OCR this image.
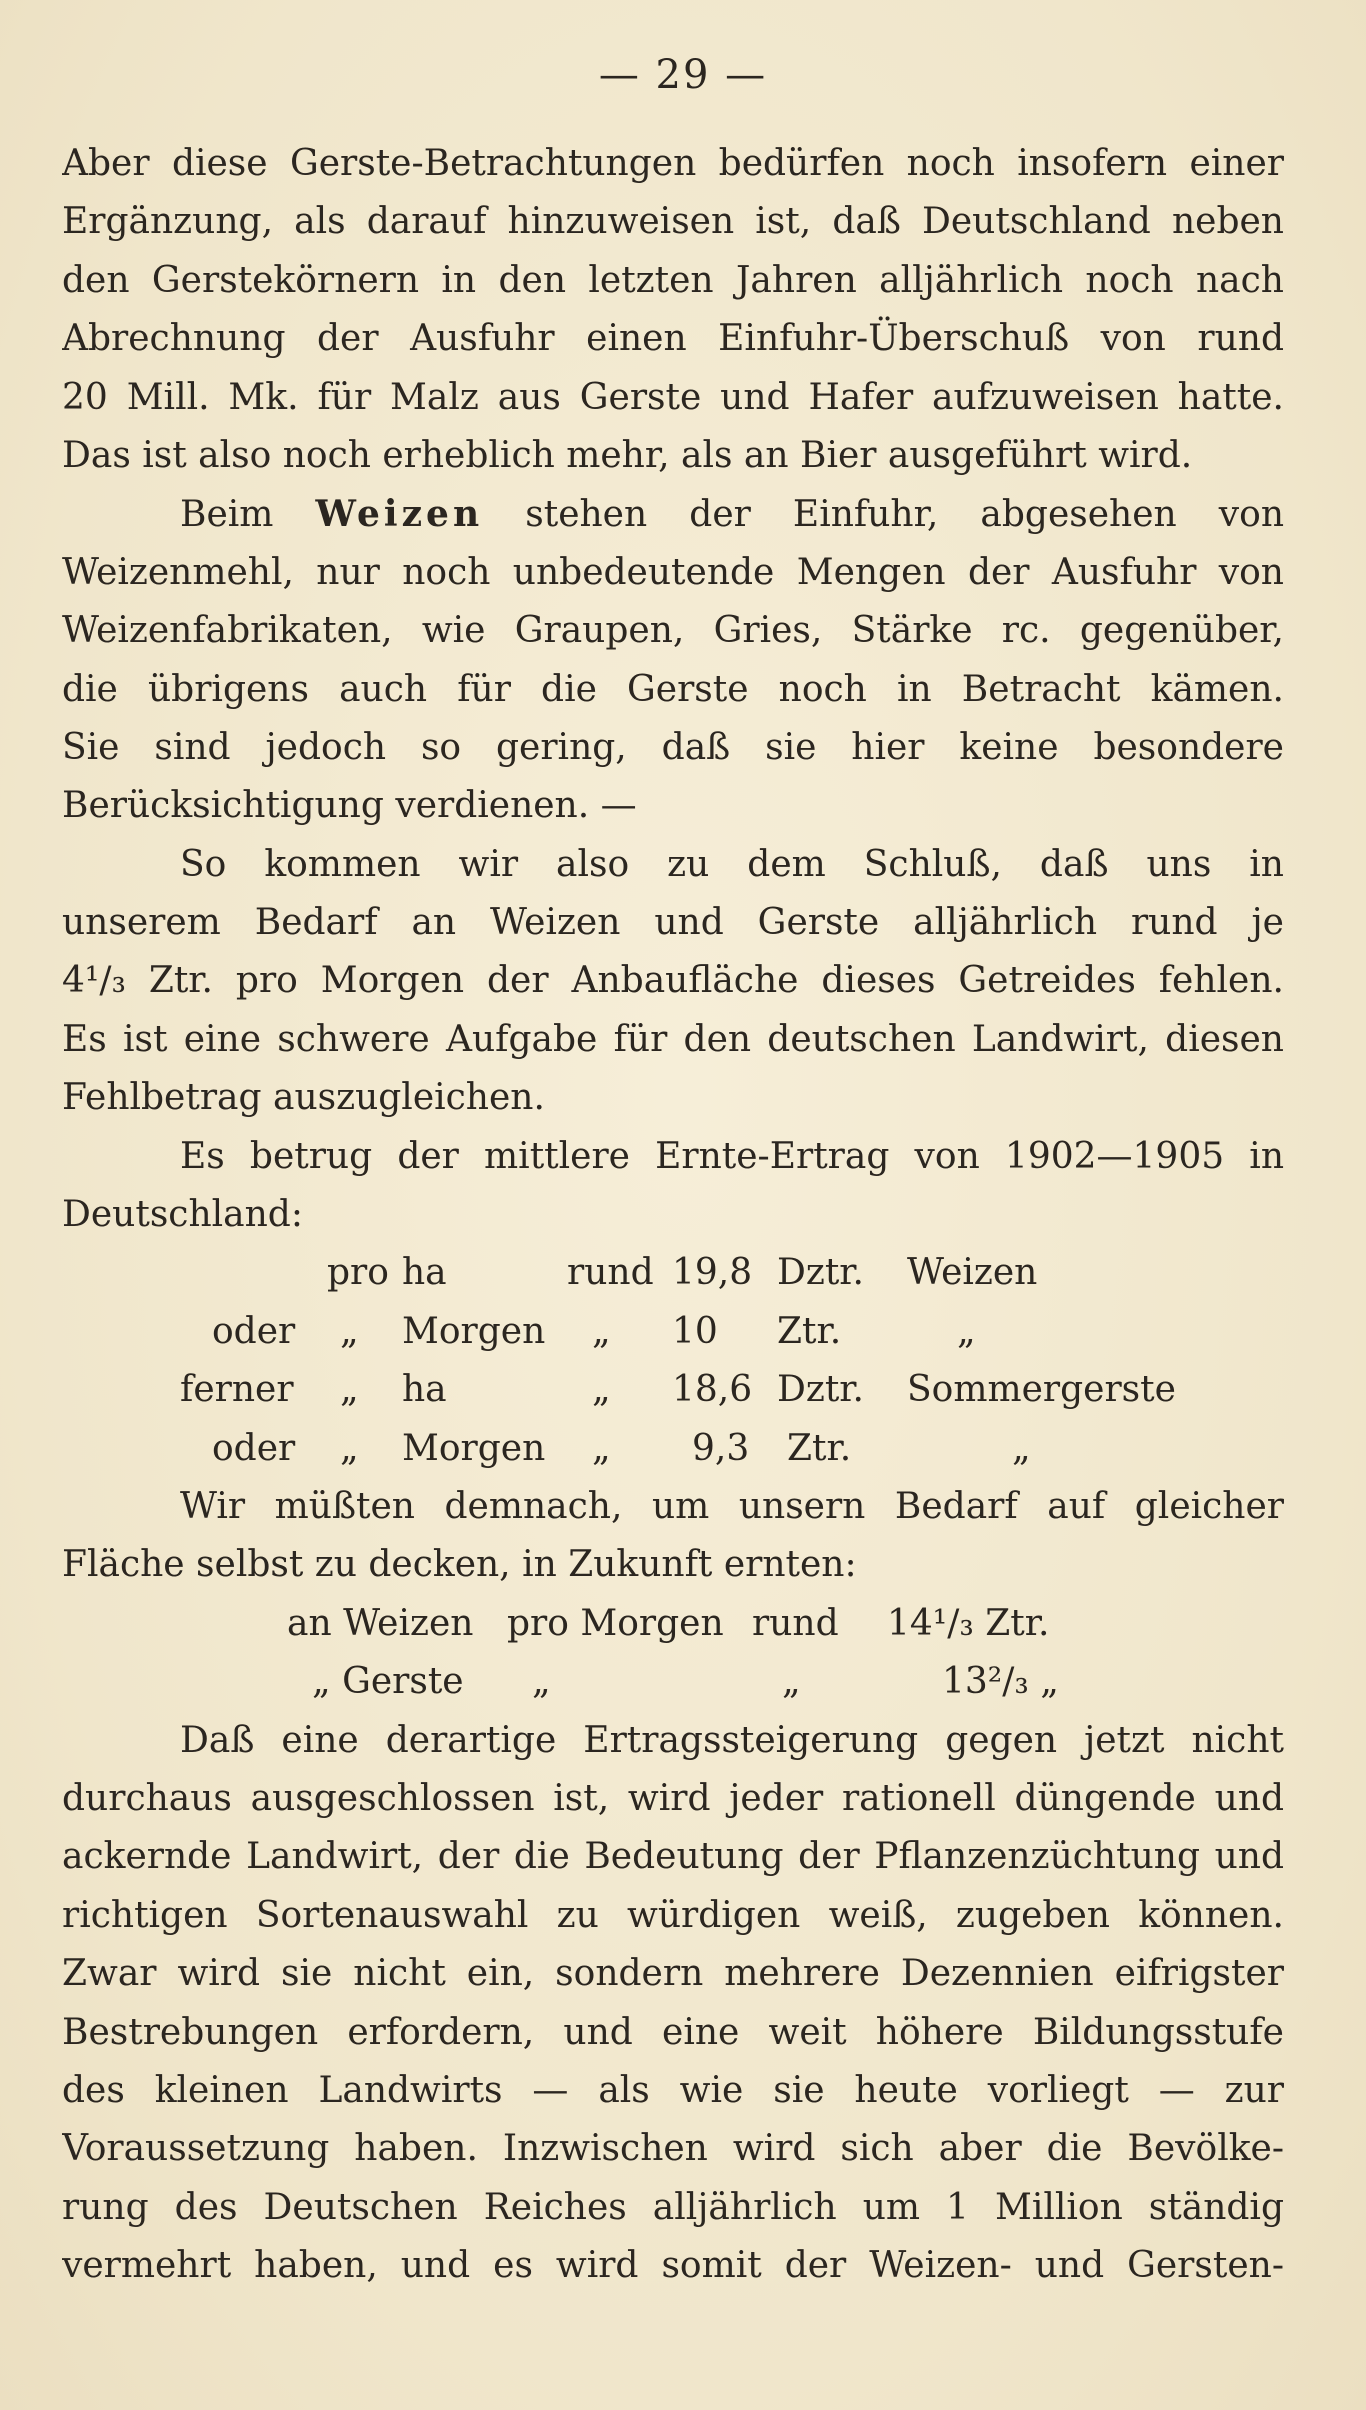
— 29 —
Aber diese Gerste-Betrachtungen bedürfen noch insofern einer
Ergänzung, als darauf hinzuweisen ist, daß Deutschland neben
den Gerstekörnern in den letzten Jahren alljährlich noch nach
Abrechnung der Ausfuhr einen Einfuhr-Überschuß von rund
20 Mill. Mk. für Malz aus Gerste und Hafer aufzuweisen hatte.
Das ist also noch erheblich mehr, als an Bier ausgeführt wird.
Beim Weizen stehen der Einfuhr, abgesehen von
Weizenmehl, nur noch unbedeutende Mengen der Ausfuhr von
Weizenfabrikaten, wie Graupen, Gries, Stärke rc. gegenüber,
die übrigens auch für die Gerste noch in Betracht kämen.
Sie sind jedoch so gering, daß sie hier keine besondere
Berücksichtigung verdienen. —
So kommen wir also zu dem Schluß, daß uns in
unserem Bedarf an Weizen und Gerste alljährlich rund je
4¹/₃ Ztr. pro Morgen der Anbaufläche dieses Getreides fehlen.
Es ist eine schwere Aufgabe für den deutschen Landwirt, diesen
Fehlbetrag auszugleichen.
Es betrug der mittlere Ernte-Ertrag von 1902—1905 in
Deutschland:
pro ha	rund 19,8 Dztr. Weizen
oder „ Morgen „ 10 Ztr.	„
ferner „ ha	„ 18,6 Dztr. Sommergerste
oder „ Morgen „ 9,3 Ztr.	„
Wir müßten demnach, um unsern Bedarf auf gleicher
Fläche selbst zu decken, in Zukunft ernten:
an Weizen pro Morgen rund 14¹/₃ Ztr.
„ Gerste „	„	13²/₃ „
Daß eine derartige Ertragssteigerung gegen jetzt nicht
durchaus ausgeschlossen ist, wird jeder rationell düngende und
ackernde Landwirt, der die Bedeutung der Pflanzenzüchtung und
richtigen Sortenauswahl zu würdigen weiß, zugeben können.
Zwar wird sie nicht ein, sondern mehrere Dezennien eifrigster
Bestrebungen erfordern, und eine weit höhere Bildungsstufe
des kleinen Landwirts — als wie sie heute vorliegt — zur
Voraussetzung haben. Inzwischen wird sich aber die Bevölke-
rung des Deutschen Reiches alljährlich um 1 Million ständig
vermehrt haben, und es wird somit der Weizen- und Gersten-
